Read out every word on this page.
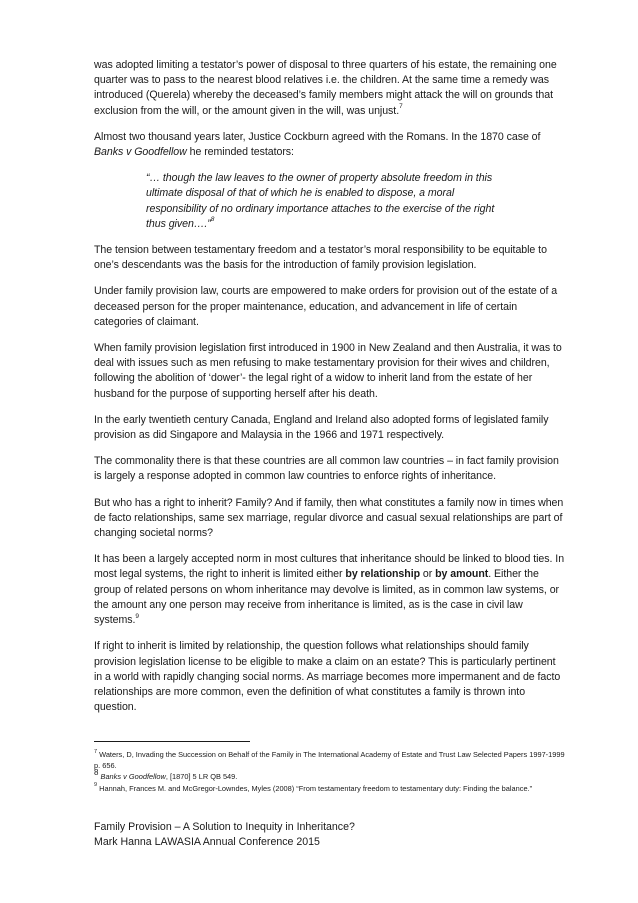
was adopted limiting a testator’s power of disposal to three quarters of his estate, the remaining one quarter was to pass to the nearest blood relatives i.e. the children. At the same time a remedy was introduced (Querela) whereby the deceased’s family members might attack the will on grounds that exclusion from the will, or the amount given in the will, was unjust.$^7$

Almost two thousand years later, Justice Cockburn agreed with the Romans. In the 1870 case of Banks v Goodfellow he reminded testators:

“… though the law leaves to the owner of property absolute freedom in this ultimate disposal of that of which he is enabled to dispose, a moral responsibility of no ordinary importance attaches to the exercise of the right thus given….”$^8$

The tension between testamentary freedom and a testator’s moral responsibility to be equitable to one’s descendants was the basis for the introduction of family provision legislation.

Under family provision law, courts are empowered to make orders for provision out of the estate of a deceased person for the proper maintenance, education, and advancement in life of certain categories of claimant.

When family provision legislation first introduced in 1900 in New Zealand and then Australia, it was to deal with issues such as men refusing to make testamentary provision for their wives and children, following the abolition of ‘dower’- the legal right of a widow to inherit land from the estate of her husband for the purpose of supporting herself after his death.

In the early twentieth century Canada, England and Ireland also adopted forms of legislated family provision as did Singapore and Malaysia in the 1966 and 1971 respectively.

The commonality there is that these countries are all common law countries – in fact family provision is largely a response adopted in common law countries to enforce rights of inheritance.

But who has a right to inherit? Family? And if family, then what constitutes a family now in times when de facto relationships, same sex marriage, regular divorce and casual sexual relationships are part of changing societal norms?

It has been a largely accepted norm in most cultures that inheritance should be linked to blood ties. In most legal systems, the right to inherit is limited either by relationship or by amount. Either the group of related persons on whom inheritance may devolve is limited, as in common law systems, or the amount any one person may receive from inheritance is limited, as is the case in civil law systems.$^9$

If right to inherit is limited by relationship, the question follows what relationships should family provision legislation license to be eligible to make a claim on an estate? This is particularly pertinent in a world with rapidly changing social norms. As marriage becomes more impermanent and de facto relationships are more common, even the definition of what constitutes a family is thrown into question.

$^7$ Waters, D, Invading the Succession on Behalf of the Family in The International Academy of Estate and Trust Law Selected Papers 1997-1999 p. 656.
$^8$ Banks v Goodfellow, [1870] 5 LR QB 549.
$^9$ Hannah, Frances M. and McGregor-Lowndes, Myles (2008) “From testamentary freedom to testamentary duty: Finding the balance.”
Family Provision – A Solution to Inequity in Inheritance?
Mark Hanna LAWASIA Annual Conference 2015
